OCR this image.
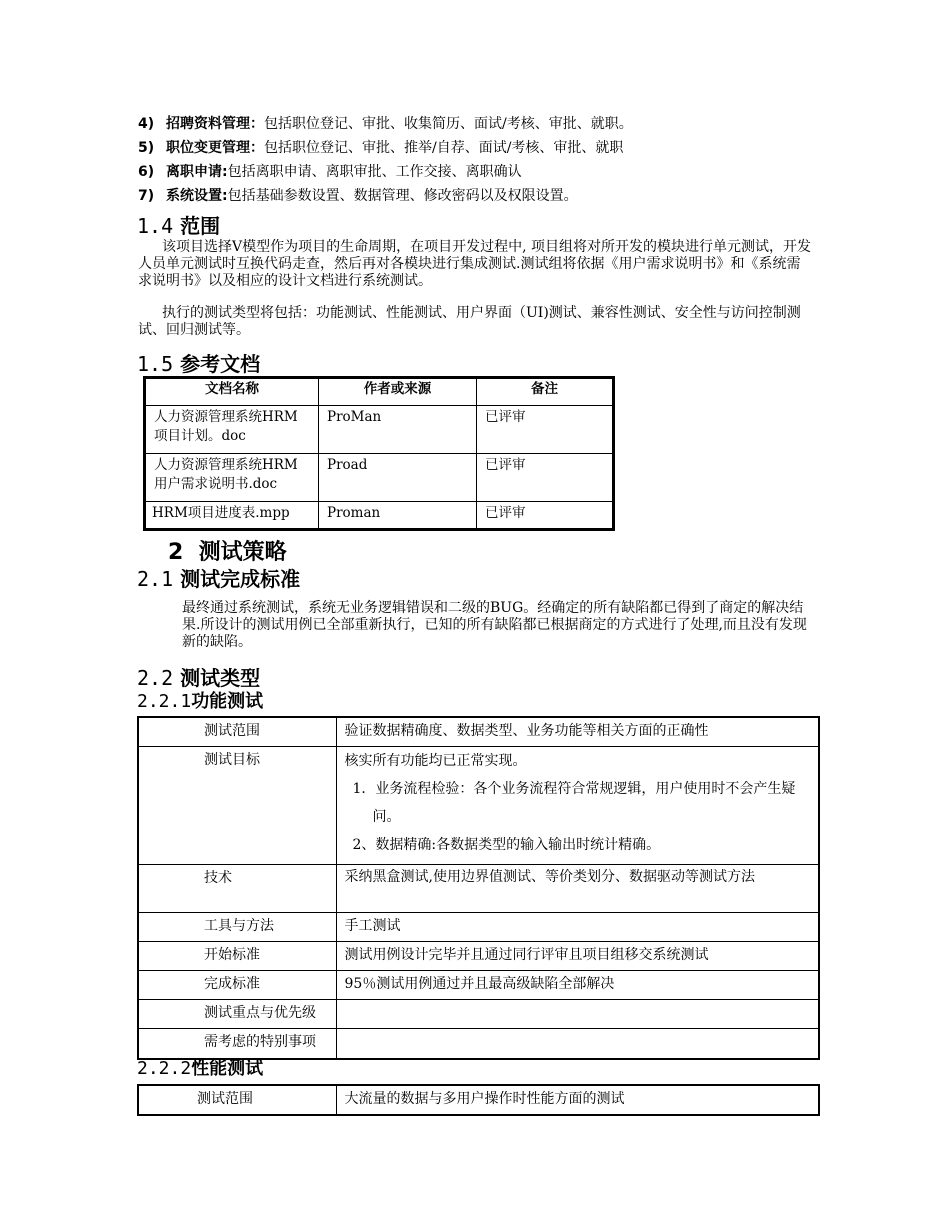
4) 招聘资料管理：包括职位登记、审批、收集简历、面试/考核、审批、就职。
5) 职位变更管理：包括职位登记、审批、推举/自荐、面试/考核、审批、就职
6) 离职申请:包括离职申请、离职审批、工作交接、离职确认
7) 系统设置:包括基础参数设置、数据管理、修改密码以及权限设置。
1.4 范围
该项目选择V模型作为项目的生命周期，在项目开发过程中, 项目组将对所开发的模块进行单元测试，开发人员单元测试时互换代码走查，然后再对各模块进行集成测试.测试组将依据《用户需求说明书》和《系统需求说明书》以及相应的设计文档进行系统测试。
执行的测试类型将包括：功能测试、性能测试、用户界面（UI)测试、兼容性测试、安全性与访问控制测试、回归测试等。
1.5 参考文档
文档名称	作者或来源	备注
人力资源管理系统HRM项目计划。doc	ProMan	已评审
人力资源管理系统HRM用户需求说明书.doc	Proad	已评审
HRM项目进度表.mpp	Proman	已评审
2 测试策略
2.1 测试完成标准
最终通过系统测试，系统无业务逻辑错误和二级的BUG。经确定的所有缺陷都已得到了商定的解决结果.所设计的测试用例已全部重新执行，已知的所有缺陷都已根据商定的方式进行了处理,而且没有发现新的缺陷。
2.2 测试类型
2.2.1功能测试
测试范围	验证数据精确度、数据类型、业务功能等相关方面的正确性
测试目标	核实所有功能均已正常实现。
1．业务流程检验：各个业务流程符合常规逻辑，用户使用时不会产生疑问。
2、数据精确:各数据类型的输入输出时统计精确。

技术	采纳黑盒测试,使用边界值测试、等价类划分、数据驱动等测试方法
工具与方法	手工测试
开始标准	测试用例设计完毕并且通过同行评审且项目组移交系统测试
完成标准	95％测试用例通过并且最高级缺陷全部解决
测试重点与优先级	
需考虑的特别事项	
2.2.2性能测试
测试范围	大流量的数据与多用户操作时性能方面的测试
